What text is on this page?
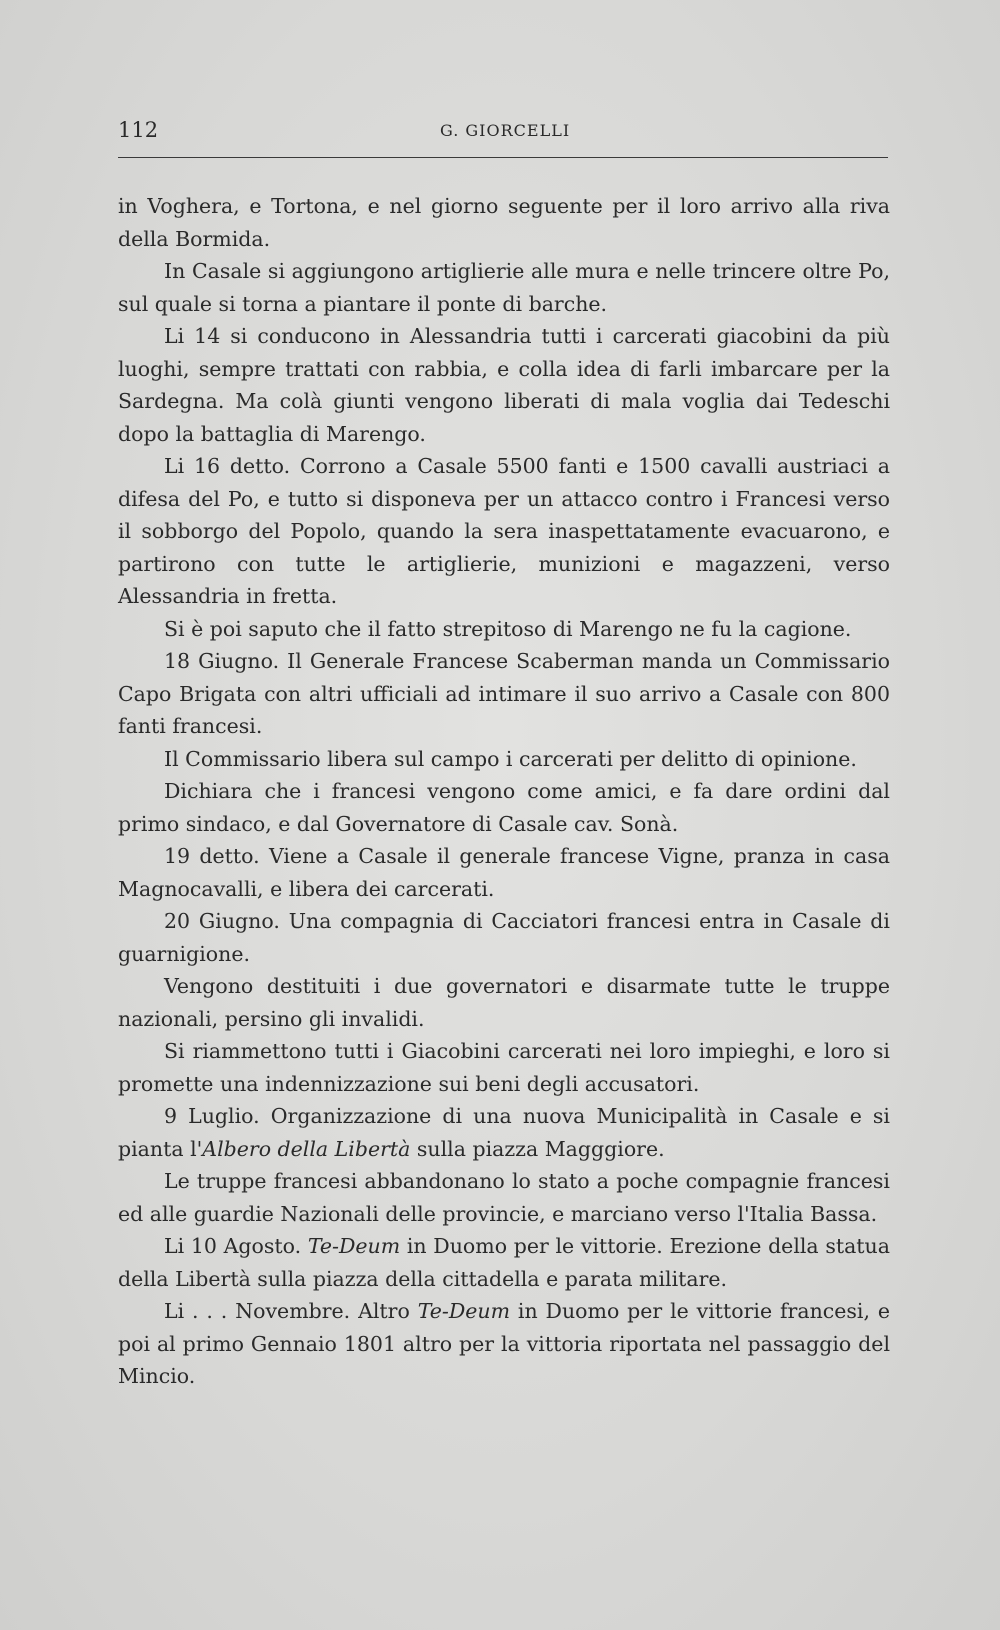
112	G. GIORCELLI

in Voghera, e Tortona, e nel giorno seguente per il loro arrivo alla riva della Bormida.

In Casale si aggiungono artiglierie alle mura e nelle trincere oltre Po, sul quale si torna a piantare il ponte di barche.

Li 14 si conducono in Alessandria tutti i carcerati giacobini da più luoghi, sempre trattati con rabbia, e colla idea di farli imbarcare per la Sardegna. Ma colà giunti vengono liberati di mala voglia dai Tedeschi dopo la battaglia di Marengo.

Li 16 detto. Corrono a Casale 5500 fanti e 1500 cavalli austriaci a difesa del Po, e tutto si disponeva per un attacco contro i Francesi verso il sobborgo del Popolo, quando la sera inaspettatamente evacuarono, e partirono con tutte le artiglierie, munizioni e magazzeni, verso Alessandria in fretta.

Si è poi saputo che il fatto strepitoso di Marengo ne fu la cagione.

18 Giugno. Il Generale Francese Scaberman manda un Commissario Capo Brigata con altri ufficiali ad intimare il suo arrivo a Casale con 800 fanti francesi.

Il Commissario libera sul campo i carcerati per delitto di opinione.

Dichiara che i francesi vengono come amici, e fa dare ordini dal primo sindaco, e dal Governatore di Casale cav. Sonà.

19 detto. Viene a Casale il generale francese Vigne, pranza in casa Magnocavalli, e libera dei carcerati.

20 Giugno. Una compagnia di Cacciatori francesi entra in Casale di guarnigione.

Vengono destituiti i due governatori e disarmate tutte le truppe nazionali, persino gli invalidi.

Si riammettono tutti i Giacobini carcerati nei loro impieghi, e loro si promette una indennizzazione sui beni degli accusatori.

9 Luglio. Organizzazione di una nuova Municipalità in Casale e si pianta l'Albero della Libertà sulla piazza Magggiore.

Le truppe francesi abbandonano lo stato a poche compagnie francesi ed alle guardie Nazionali delle provincie, e marciano verso l'Italia Bassa.

Li 10 Agosto. Te-Deum in Duomo per le vittorie. Erezione della statua della Libertà sulla piazza della cittadella e parata militare.

Li . . . Novembre. Altro Te-Deum in Duomo per le vittorie francesi, e poi al primo Gennaio 1801 altro per la vittoria riportata nel passaggio del Mincio.
